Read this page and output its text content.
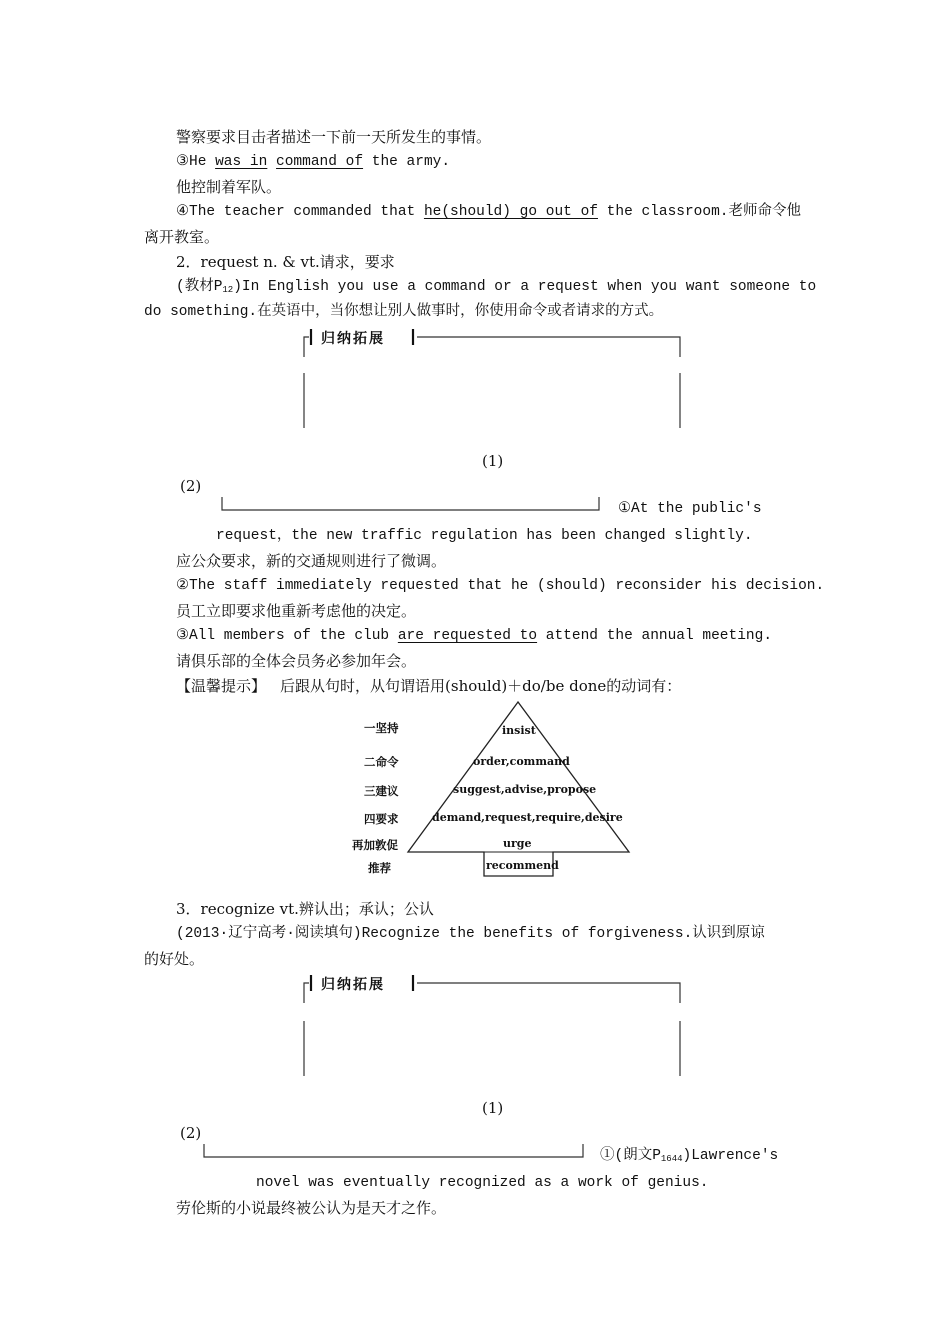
警察要求目击者描述一下前一天所发生的事情。
③He was in command of the army.
他控制着军队。
④The teacher commanded that he(should) go out of the classroom.老师命令他
离开教室。
2．request n. & vt.请求，要求
(教材$P_{12})In$ English you use a command or a request when you want someone to
do something.在英语中，当你想让别人做事时，你使用命令或者请求的方式。
归纳拓展
(1)
(2)
①At the public's
request，the new traffic regulation has been changed slightly.
应公众要求，新的交通规则进行了微调。
②The staff immediately requested that he (should) reconsider his decision.
员工立即要求他重新考虑他的决定。
③All members of the club are requested to attend the annual meeting.
请俱乐部的全体会员务必参加年会。
【温馨提示】 后跟从句时，从句谓语用(should)＋do/be done的动词有：
一坚持
二命令
三建议
四要求
再加敦促
推荐
insist
order,command
suggest,advise,propose
demand,request,require,desire
urge
recommend
3．recognize vt.辨认出；承认；公认
(2013·辽宁高考·阅读填句)Recognize the benefits of forgiveness.认识到原谅
的好处。
归纳拓展
(1)
(2)
①(朗文$P_{1644})Lawrence's$
novel was eventually recognized as a work of genius.
劳伦斯的小说最终被公认为是天才之作。
